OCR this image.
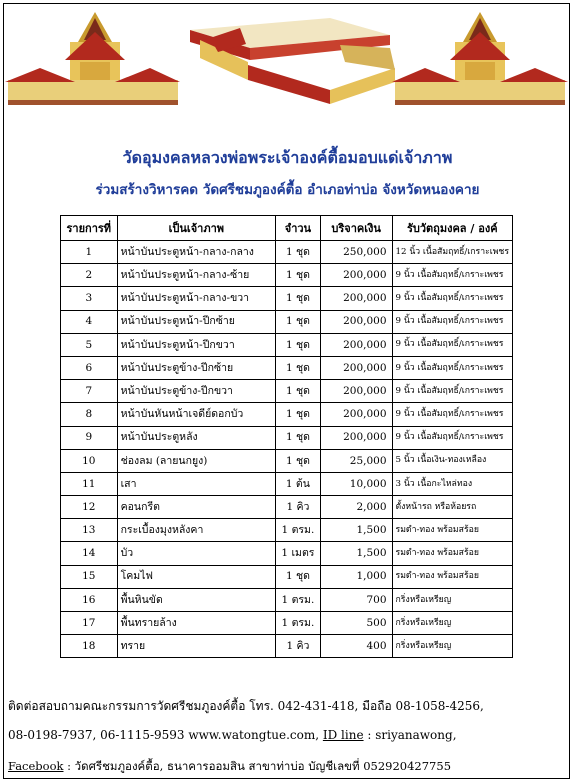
วัดอุมงคลหลวงพ่อพระเจ้าองค์ตื้อมอบแด่เจ้าภาพ
ร่วมสร้างวิหารคด วัดศรีชมภูองค์ตื้อ อำเภอท่าบ่อ จังหวัดหนองคาย
รายการที่	เป็นเจ้าภาพ	จำวน	บริจาคเงิน	รับวัตถุมงคล / องค์
1	หน้าบันประตูหน้า-กลาง-กลาง	1 ชุด	250,000	12 นิ้ว เนื้อสัมฤทธิ์/เกราะเพชร
2	หน้าบันประตูหน้า-กลาง-ซ้าย	1 ชุด	200,000	9 นิ้ว เนื้อสัมฤทธิ์/เกราะเพชร
3	หน้าบันประตูหน้า-กลาง-ขวา	1 ชุด	200,000	9 นิ้ว เนื้อสัมฤทธิ์/เกราะเพชร
4	หน้าบันประตูหน้า-ปีกซ้าย	1 ชุด	200,000	9 นิ้ว เนื้อสัมฤทธิ์/เกราะเพชร
5	หน้าบันประตูหน้า-ปีกขวา	1 ชุด	200,000	9 นิ้ว เนื้อสัมฤทธิ์/เกราะเพชร
6	หน้าบันประตูข้าง-ปีกซ้าย	1 ชุด	200,000	9 นิ้ว เนื้อสัมฤทธิ์/เกราะเพชร
7	หน้าบันประตูข้าง-ปีกขวา	1 ชุด	200,000	9 นิ้ว เนื้อสัมฤทธิ์/เกราะเพชร
8	หน้าบันหันหน้าเจดีย์ดอกบัว	1 ชุด	200,000	9 นิ้ว เนื้อสัมฤทธิ์/เกราะเพชร
9	หน้าบันประตูหลัง	1 ชุด	200,000	9 นิ้ว เนื้อสัมฤทธิ์/เกราะเพชร
10	ช่องลม (ลายนกยูง)	1 ชุด	25,000	5 นิ้ว เนื้อเงิน-ทองเหลือง
11	เสา	1 ต้น	10,000	3 นิ้ว เนื้อกะไหล่ทอง
12	คอนกรีต	1 คิว	2,000	ตั้งหน้ารถ หรือห้อยรถ
13	กระเบื้องมุงหลังคา	1 ตรม.	1,500	รมดำ-ทอง พร้อมสร้อย
14	บัว	1 เมตร	1,500	รมดำ-ทอง พร้อมสร้อย
15	โคมไฟ	1 ชุด	1,000	รมดำ-ทอง พร้อมสร้อย
16	พื้นหินขัด	1 ตรม.	700	กริ่งหรือเหรียญ
17	พื้นทรายล้าง	1 ตรม.	500	กริ่งหรือเหรียญ
18	ทราย	1 คิว	400	กริ่งหรือเหรียญ
ติดต่อสอบถามคณะกรรมการวัดศรีชมภูองค์ตื้อ โทร. 042-431-418, มือถือ 08-1058-4256,
08-0198-7937, 06-1115-9593 www.watongtue.com, ID line : sriyanawong,
Facebook : วัดศรีชมภูองค์ตื้อ, ธนาคารออมสิน สาขาท่าบ่อ บัญชีเลขที่ 052920427755
